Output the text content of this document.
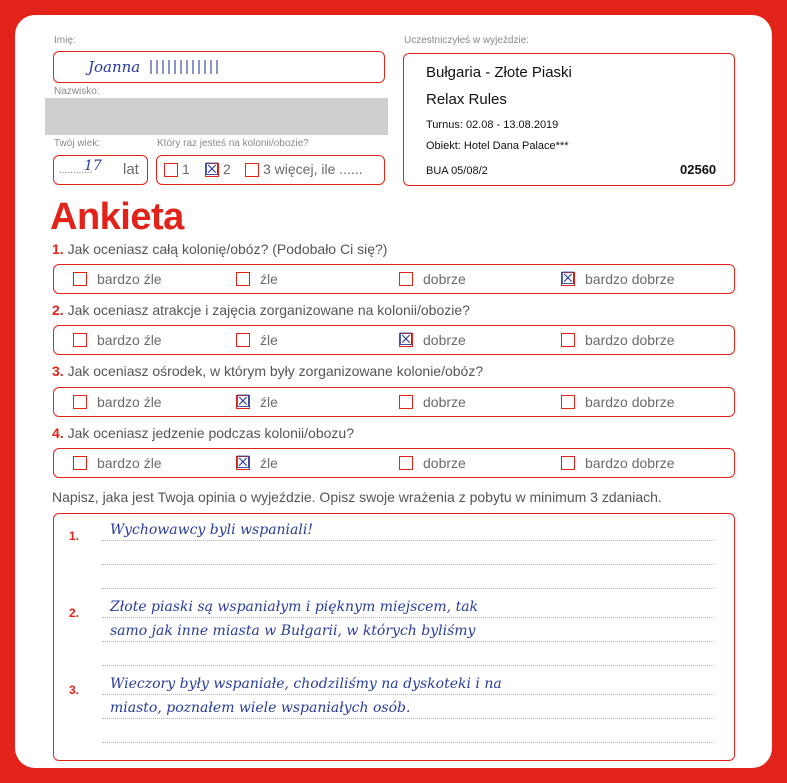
Imię:
Joanna
Nazwisko:
Twój wiek:
............
17 lat
Który raz jesteś na kolonii/obozie?
1 ☒ 2 3 więcej, ile ......
Uczestniczyłeś w wyjeździe:
Bułgaria - Złote Piaski
Relax Rules
Turnus: 02.08 - 13.08.2019
Obiekt: Hotel Dana Palace***
BUA 05/08/2	02560
Ankieta
1. Jak oceniasz całą kolonię/obóz? (Podobało Ci się?)
bardzo źle	źle	dobrze	☒ bardzo dobrze
2. Jak oceniasz atrakcje i zajęcia zorganizowane na kolonii/obozie?
bardzo źle	źle	☒ dobrze	bardzo dobrze
3. Jak oceniasz ośrodek, w którym były zorganizowane kolonie/obóz?
bardzo źle	☒ źle	dobrze	bardzo dobrze
4. Jak oceniasz jedzenie podczas kolonii/obozu?
bardzo źle	☒ źle	dobrze	bardzo dobrze
Napisz, jaka jest Twoja opinia o wyjeździe. Opisz swoje wrażenia z pobytu w minimum 3 zdaniach.
1. Wychowawcy byli wspaniali!
2. Złote piaski są wspaniałym i pięknym miejscem, tak
samo jak inne miasta w Bułgarii, w których byliśmy
3. Wieczory były wspaniałe, chodziliśmy na dyskoteki i na
miasto, poznałem wiele wspaniałych osób.
